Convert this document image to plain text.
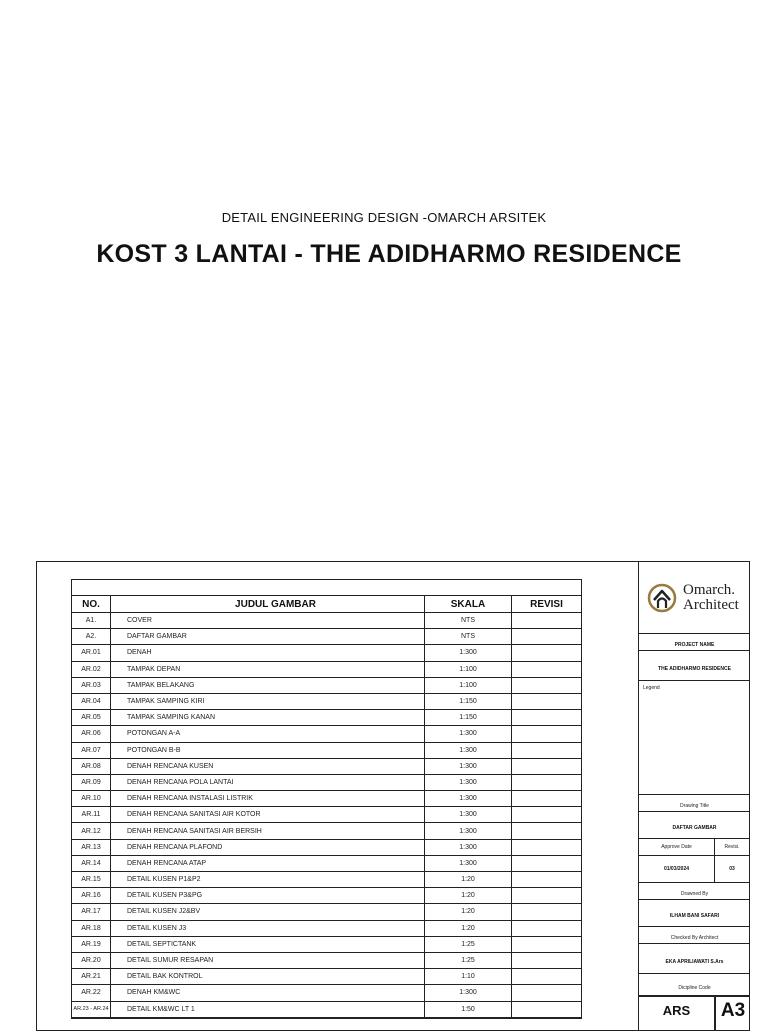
DETAIL ENGINEERING DESIGN -OMARCH ARSITEK
KOST 3 LANTAI - THE ADIDHARMO RESIDENCE
NO.	JUDUL GAMBAR	SKALA	REVISI
A1.	COVER	NTS	
A2.	DAFTAR GAMBAR	NTS	
AR.01	DENAH	1:300	
AR.02	TAMPAK DEPAN	1:100	
AR.03	TAMPAK BELAKANG	1:100	
AR.04	TAMPAK SAMPING KIRI	1:150	
AR.05	TAMPAK SAMPING KANAN	1:150	
AR.06	POTONGAN A-A	1:300	
AR.07	POTONGAN B-B	1:300	
AR.08	DENAH RENCANA KUSEN	1:300	
AR.09	DENAH RENCANA POLA LANTAI	1:300	
AR.10	DENAH RENCANA INSTALASI LISTRIK	1:300	
AR.11	DENAH RENCANA SANITASI AIR KOTOR	1:300	
AR.12	DENAH RENCANA SANITASI AIR BERSIH	1:300	
AR.13	DENAH RENCANA PLAFOND	1:300	
AR.14	DENAH RENCANA ATAP	1:300	
AR.15	DETAIL KUSEN P1&P2	1:20	
AR.16	DETAIL KUSEN P3&PG	1:20	
AR.17	DETAIL KUSEN J2&BV	1:20	
AR.18	DETAIL KUSEN J3	1:20	
AR.19	DETAIL SEPTICTANK	1:25	
AR.20	DETAIL SUMUR RESAPAN	1:25	
AR.21	DETAIL BAK KONTROL	1:10	
AR.22	DENAH KM&WC	1:300	
AR.23 - AR.24	DETAIL KM&WC LT 1	1:50	
Omarch.
Architect
PROJECT NAME
THE ADIDHARMO RESIDENCE
Legend
Drawing Title
DAFTAR GAMBAR
Approve Date	Revisi.
01/03/2024	03
Drawned By
ILHAM BANI SAFARI
Checked By Architect
EKA APRILIAWATI S.Ars
Dicipline Code
ARS	A3
